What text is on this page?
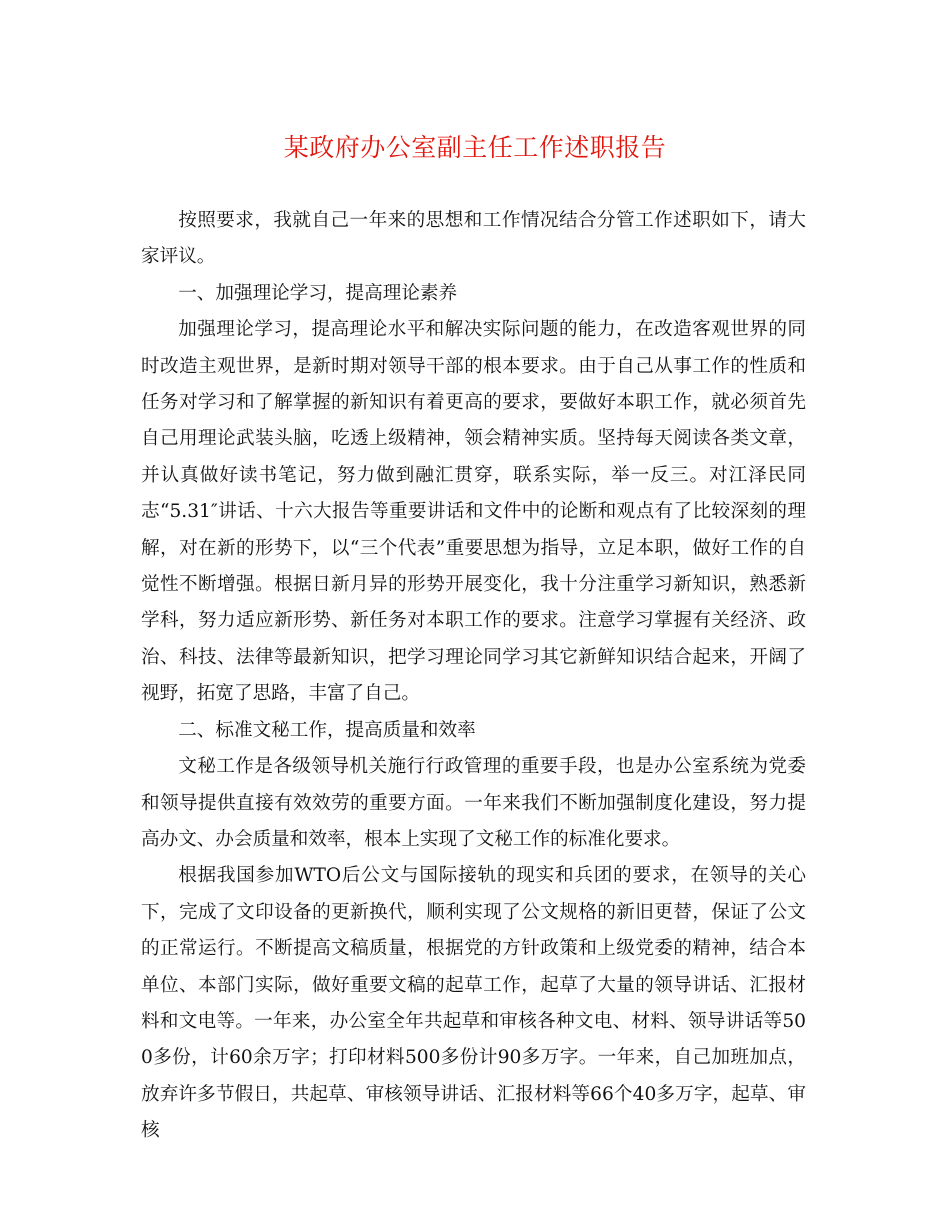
某政府办公室副主任工作述职报告

按照要求，我就自己一年来的思想和工作情况结合分管工作述职如下，请大家评议。

一、加强理论学习，提高理论素养

加强理论学习，提高理论水平和解决实际问题的能力，在改造客观世界的同时改造主观世界，是新时期对领导干部的根本要求。由于自己从事工作的性质和任务对学习和了解掌握的新知识有着更高的要求，要做好本职工作，就必须首先自己用理论武装头脑，吃透上级精神，领会精神实质。坚持每天阅读各类文章，并认真做好读书笔记，努力做到融汇贯穿，联系实际，举一反三。对江泽民同志“5.31″讲话、十六大报告等重要讲话和文件中的论断和观点有了比较深刻的理解，对在新的形势下，以“三个代表”重要思想为指导，立足本职，做好工作的自觉性不断增强。根据日新月异的形势开展变化，我十分注重学习新知识，熟悉新学科，努力适应新形势、新任务对本职工作的要求。注意学习掌握有关经济、政治、科技、法律等最新知识，把学习理论同学习其它新鲜知识结合起来，开阔了视野，拓宽了思路，丰富了自己。

二、标准文秘工作，提高质量和效率

文秘工作是各级领导机关施行行政管理的重要手段，也是办公室系统为党委和领导提供直接有效效劳的重要方面。一年来我们不断加强制度化建设，努力提高办文、办会质量和效率，根本上实现了文秘工作的标准化要求。

根据我国参加WTO后公文与国际接轨的现实和兵团的要求，在领导的关心下，完成了文印设备的更新换代，顺利实现了公文规格的新旧更替，保证了公文的正常运行。不断提高文稿质量，根据党的方针政策和上级党委的精神，结合本单位、本部门实际，做好重要文稿的起草工作，起草了大量的领导讲话、汇报材料和文电等。一年来，办公室全年共起草和审核各种文电、材料、领导讲话等500多份，计60余万字；打印材料500多份计90多万字。一年来，自己加班加点，放弃许多节假日，共起草、审核领导讲话、汇报材料等66个40多万字，起草、审核
